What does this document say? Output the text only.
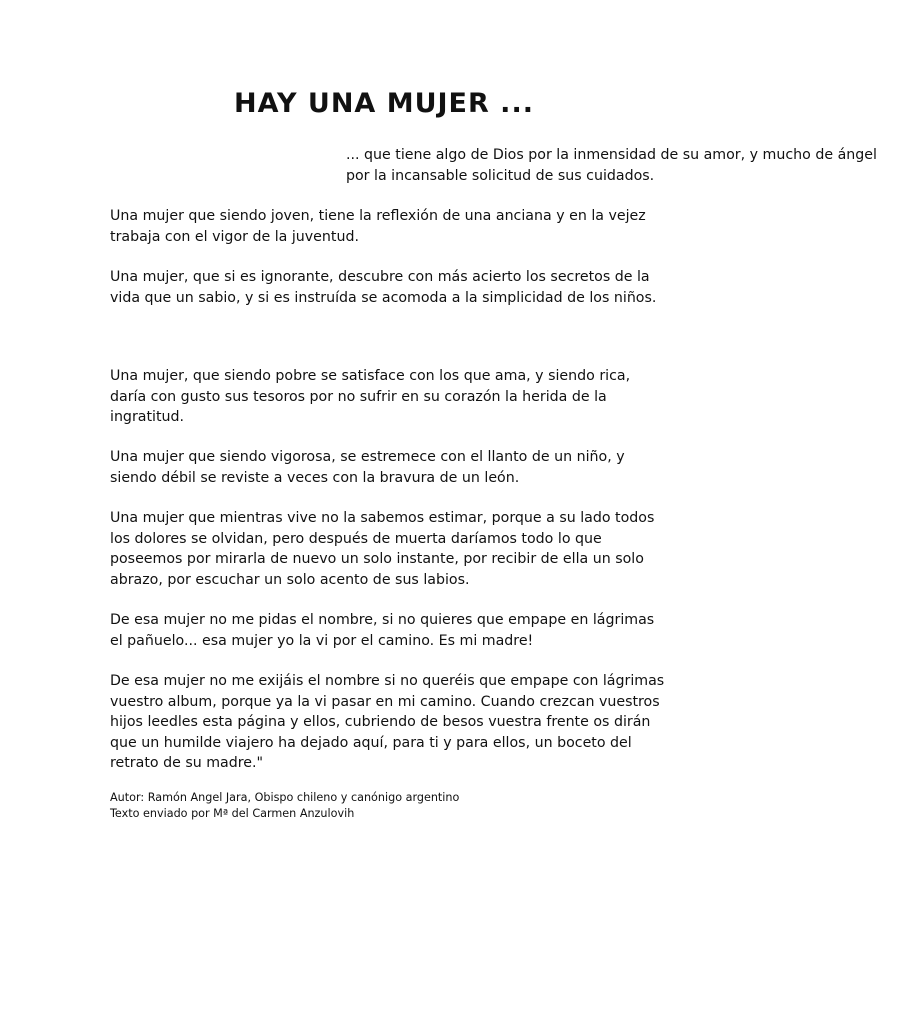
HAY UNA MUJER ...

... que tiene algo de Dios por la inmensidad de su amor, y mucho de ángel por la incansable solicitud de sus cuidados.

Una mujer que siendo joven, tiene la reflexión de una anciana y en la vejez trabaja con el vigor de la juventud.

Una mujer, que si es ignorante, descubre con más acierto los secretos de la vida que un sabio, y si es instruída se acomoda a la simplicidad de los niños.

Una mujer, que siendo pobre se satisface con los que ama, y siendo rica, daría con gusto sus tesoros por no sufrir en su corazón la herida de la ingratitud.

Una mujer que siendo vigorosa, se estremece con el llanto de un niño, y siendo débil se reviste a veces con la bravura de un león.

Una mujer que mientras vive no la sabemos estimar, porque a su lado todos los dolores se olvidan, pero después de muerta daríamos todo lo que poseemos por mirarla de nuevo un solo instante, por recibir de ella un solo abrazo, por escuchar un solo acento de sus labios.

De esa mujer no me pidas el nombre, si no quieres que empape en lágrimas el pañuelo... esa mujer yo la vi por el camino. Es mi madre!

De esa mujer no me exijáis el nombre si no queréis que empape con lágrimas vuestro album, porque ya la vi pasar en mi camino. Cuando crezcan vuestros hijos leedles esta página y ellos, cubriendo de besos vuestra frente os dirán que un humilde viajero ha dejado aquí, para ti y para ellos, un boceto del retrato de su madre."

Autor: Ramón Angel Jara, Obispo chileno y canónigo argentino
Texto enviado por Mª del Carmen Anzulovih
